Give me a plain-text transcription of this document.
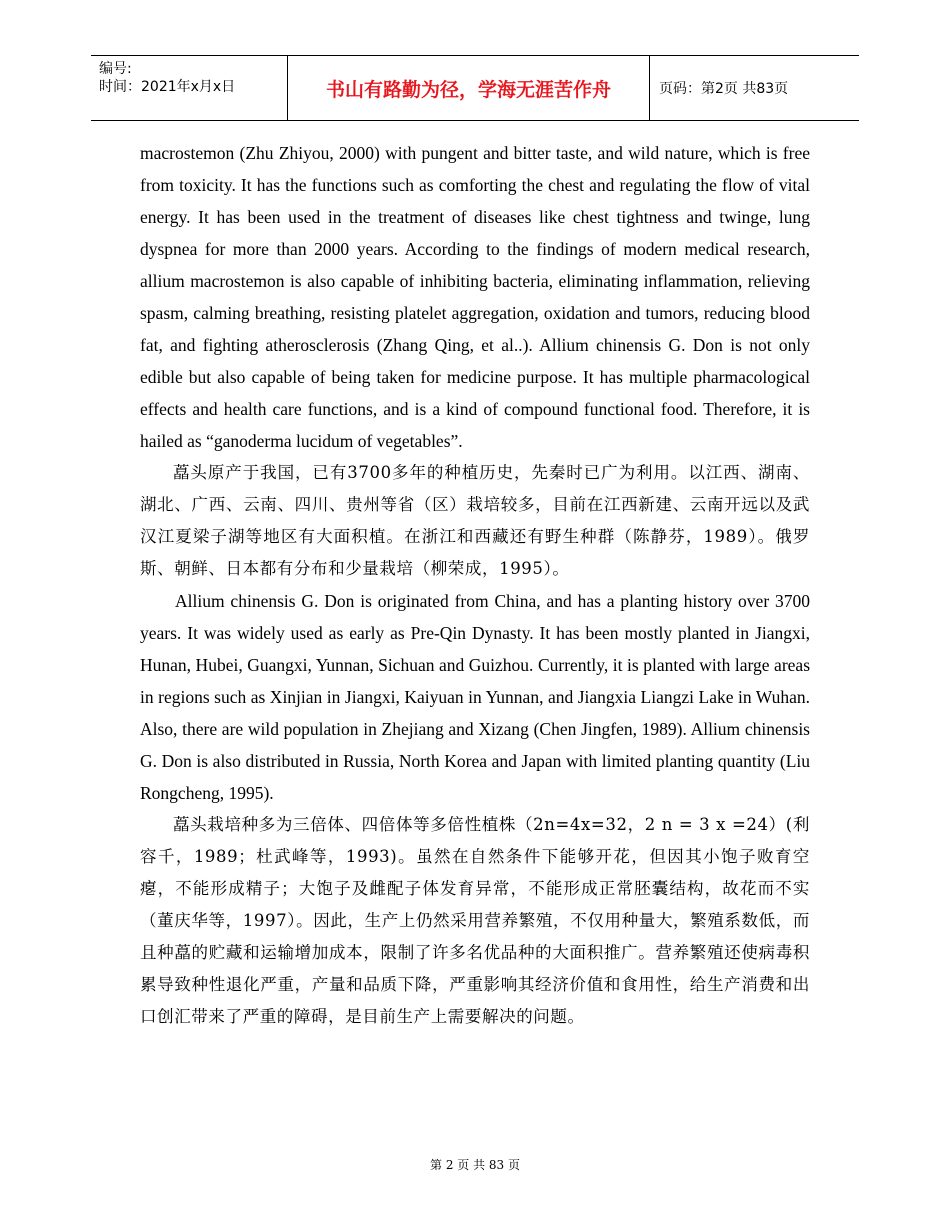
编号:
时间：2021年x月x日	书山有路勤为径，学海无涯苦作舟	页码：第2页 共83页

macrostemon (Zhu Zhiyou, 2000) with pungent and bitter taste, and wild nature, which is free from toxicity. It has the functions such as comforting the chest and regulating the flow of vital energy. It has been used in the treatment of diseases like chest tightness and twinge, lung dyspnea for more than 2000 years. According to the findings of modern medical research, allium macrostemon is also capable of inhibiting bacteria, eliminating inflammation, relieving spasm, calming breathing, resisting platelet aggregation, oxidation and tumors, reducing blood fat, and fighting atherosclerosis (Zhang Qing, et al..). Allium chinensis G. Don is not only edible but also capable of being taken for medicine purpose. It has multiple pharmacological effects and health care functions, and is a kind of compound functional food. Therefore, it is hailed as “ganoderma lucidum of vegetables”.

藠头原产于我国，已有3700多年的种植历史，先秦时已广为利用。以江西、湖南、湖北、广西、云南、四川、贵州等省（区）栽培较多，目前在江西新建、云南开远以及武汉江夏梁子湖等地区有大面积植。在浙江和西藏还有野生种群（陈静芬，1989）。俄罗斯、朝鲜、日本都有分布和少量栽培（柳荣成，1995）。

Allium chinensis G. Don is originated from China, and has a planting history over 3700 years. It was widely used as early as Pre-Qin Dynasty. It has been mostly planted in Jiangxi, Hunan, Hubei, Guangxi, Yunnan, Sichuan and Guizhou. Currently, it is planted with large areas in regions such as Xinjian in Jiangxi, Kaiyuan in Yunnan, and Jiangxia Liangzi Lake in Wuhan. Also, there are wild population in Zhejiang and Xizang (Chen Jingfen, 1989). Allium chinensis G. Don is also distributed in Russia, North Korea and Japan with limited planting quantity (Liu Rongcheng, 1995).

藠头栽培种多为三倍体、四倍体等多倍性植株（2n=4x=32，2 n = 3 x =24）(利容千，1989；杜武峰等，1993)。虽然在自然条件下能够开花，但因其小饱子败育空瘪，不能形成精子；大饱子及雌配子体发育异常，不能形成正常胚囊结构，故花而不实（董庆华等，1997）。因此，生产上仍然采用营养繁殖，不仅用种量大，繁殖系数低，而且种藠的贮藏和运输增加成本，限制了许多名优品种的大面积推广。营养繁殖还使病毒积累导致种性退化严重，产量和品质下降，严重影响其经济价值和食用性，给生产消费和出口创汇带来了严重的障碍，是目前生产上需要解决的问题。

第 2 页 共 83 页
